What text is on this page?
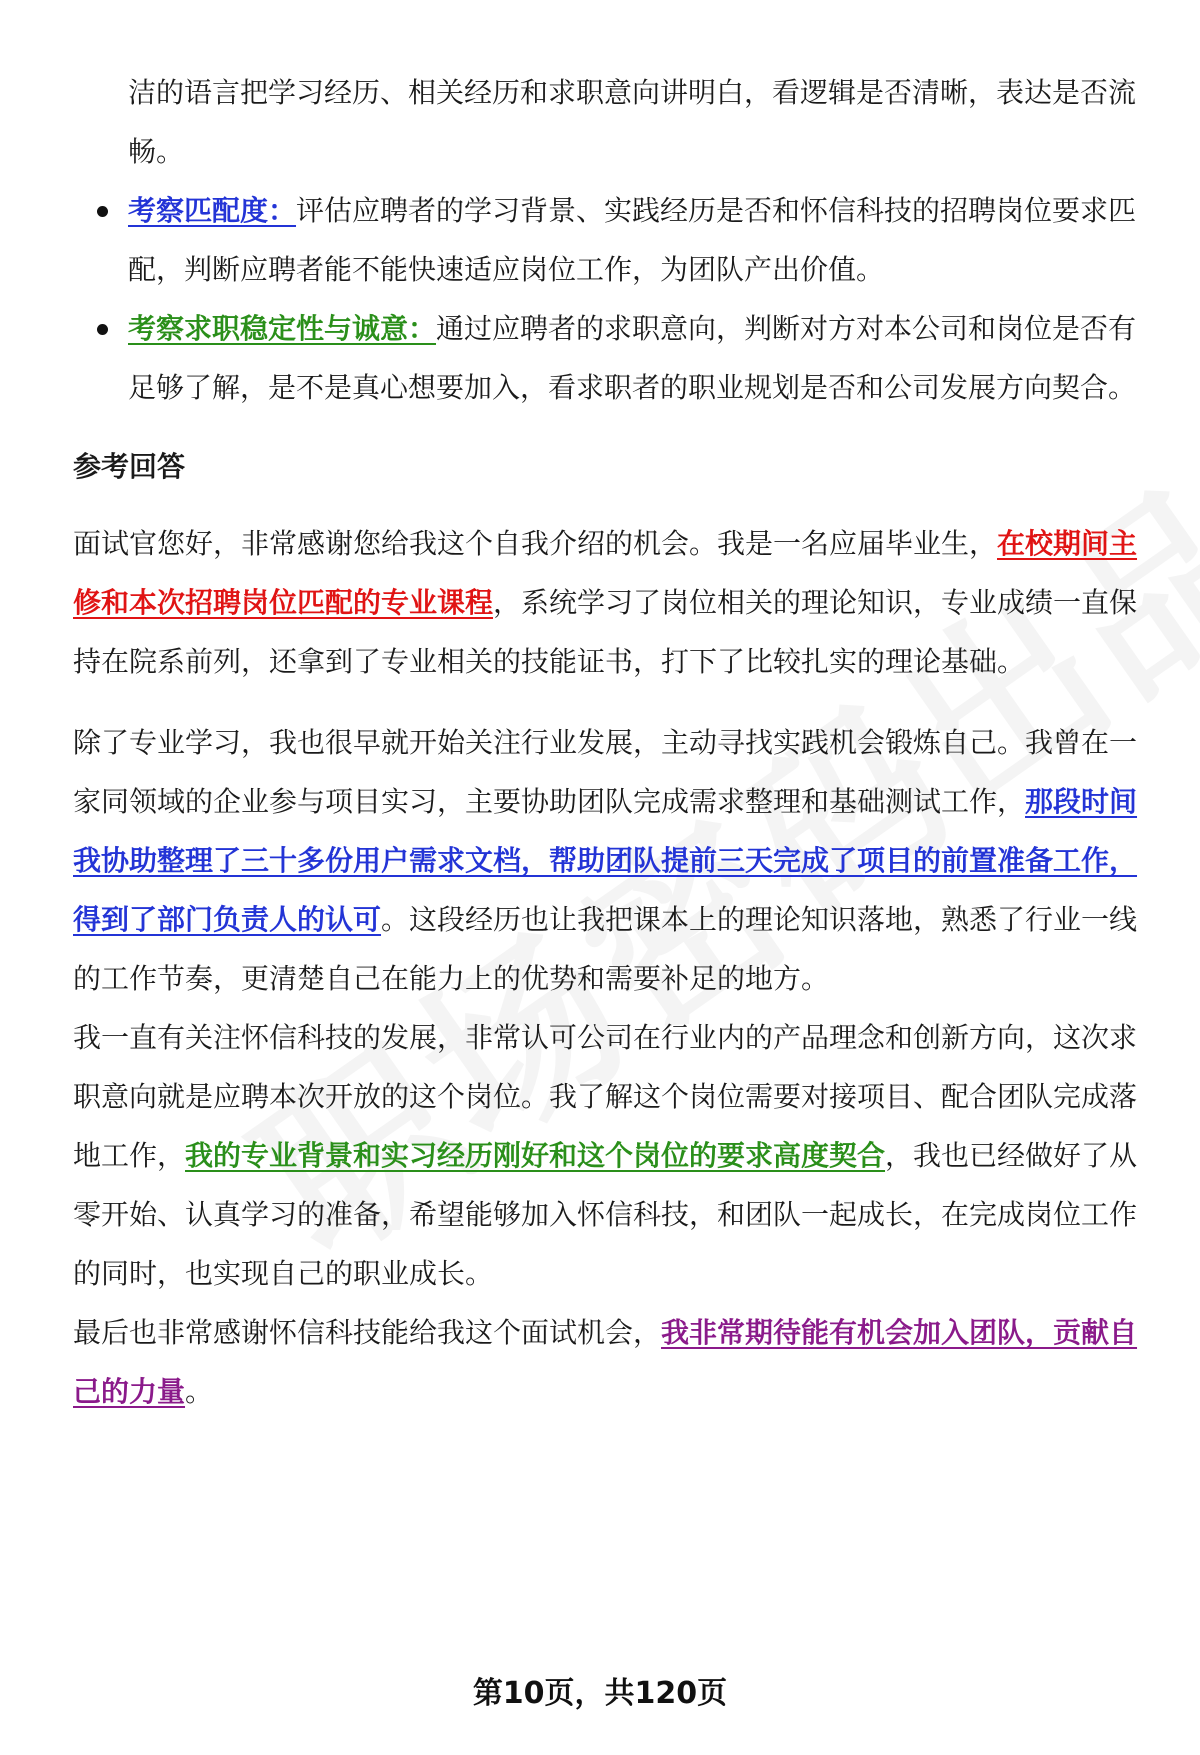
洁的语言把学习经历、相关经历和求职意向讲明白，看逻辑是否清晰，表达是否流畅。

考察匹配度：评估应聘者的学习背景、实践经历是否和怀信科技的招聘岗位要求匹配，判断应聘者能不能快速适应岗位工作，为团队产出价值。
考察求职稳定性与诚意：通过应聘者的求职意向，判断对方对本公司和岗位是否有足够了解，是不是真心想要加入，看求职者的职业规划是否和公司发展方向契合。
参考回答

面试官您好，非常感谢您给我这个自我介绍的机会。我是一名应届毕业生，在校期间主修和本次招聘岗位匹配的专业课程，系统学习了岗位相关的理论知识，专业成绩一直保持在院系前列，还拿到了专业相关的技能证书，打下了比较扎实的理论基础。

除了专业学习，我也很早就开始关注行业发展，主动寻找实践机会锻炼自己。我曾在一家同领域的企业参与项目实习，主要协助团队完成需求整理和基础测试工作，那段时间我协助整理了三十多份用户需求文档，帮助团队提前三天完成了项目的前置准备工作，得到了部门负责人的认可。这段经历也让我把课本上的理论知识落地，熟悉了行业一线的工作节奏，更清楚自己在能力上的优势和需要补足的地方。

我一直有关注怀信科技的发展，非常认可公司在行业内的产品理念和创新方向，这次求职意向就是应聘本次开放的这个岗位。我了解这个岗位需要对接项目、配合团队完成落地工作，我的专业背景和实习经历刚好和这个岗位的要求高度契合，我也已经做好了从零开始、认真学习的准备，希望能够加入怀信科技，和团队一起成长，在完成岗位工作的同时，也实现自己的职业成长。

最后也非常感谢怀信科技能给我这个面试机会，我非常期待能有机会加入团队，贡献自己的力量。

第10页，共120页
